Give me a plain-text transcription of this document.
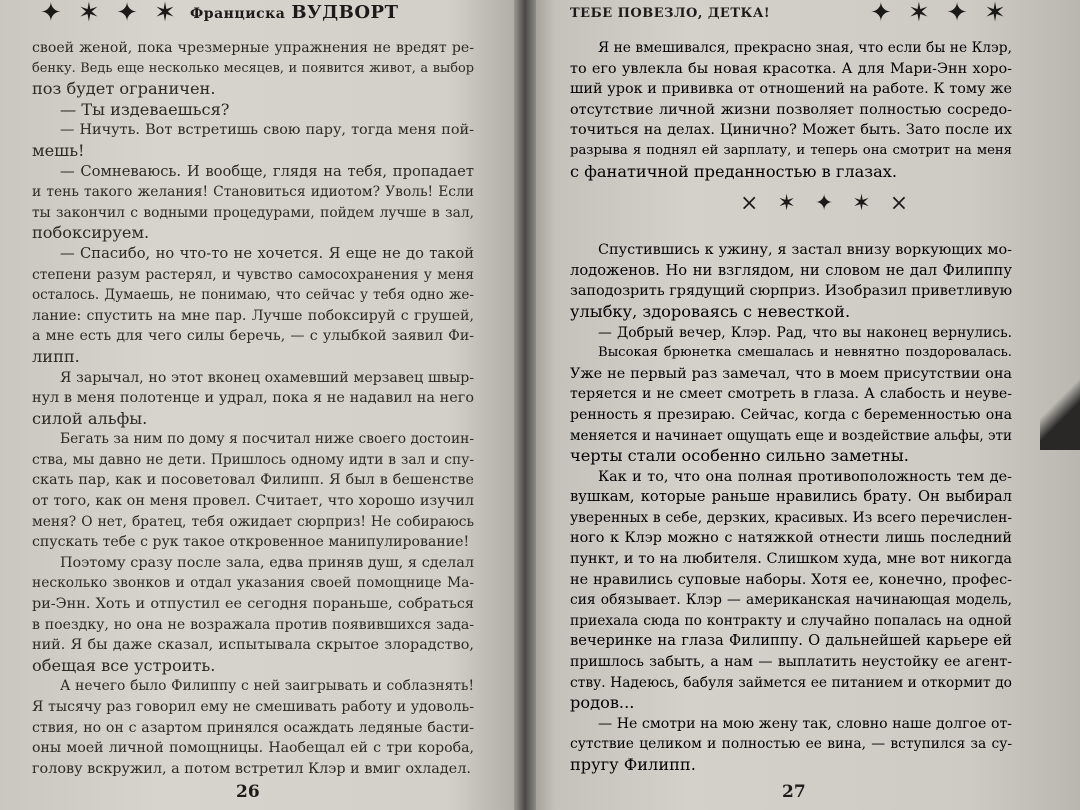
✦ ✶ ✦ ✶ Франциска ВУДВОРТ
своей женой, пока чрезмерные упражнения не вредят ре-
бенку. Ведь еще несколько месяцев, и появится живот, а выбор
поз будет ограничен.
— Ты издеваешься?
— Ничуть. Вот встретишь свою пару, тогда меня пой-
мешь!
— Сомневаюсь. И вообще, глядя на тебя, пропадает
и тень такого желания! Становиться идиотом? Уволь! Если
ты закончил с водными процедурами, пойдем лучше в зал,
побоксируем.
— Спасибо, но что-то не хочется. Я еще не до такой
степени разум растерял, и чувство самосохранения у меня
осталось. Думаешь, не понимаю, что сейчас у тебя одно же-
лание: спустить на мне пар. Лучше побоксируй с грушей,
а мне есть для чего силы беречь, — с улыбкой заявил Фи-
липп.
Я зарычал, но этот вконец охамевший мерзавец швыр-
нул в меня полотенце и удрал, пока я не надавил на него
силой альфы.
Бегать за ним по дому я посчитал ниже своего достоин-
ства, мы давно не дети. Пришлось одному идти в зал и спу-
скать пар, как и посоветовал Филипп. Я был в бешенстве
от того, как он меня провел. Считает, что хорошо изучил
меня? О нет, братец, тебя ожидает сюрприз! Не собираюсь
спускать тебе с рук такое откровенное манипулирование!
Поэтому сразу после зала, едва приняв душ, я сделал
несколько звонков и отдал указания своей помощнице Ма-
ри-Энн. Хоть и отпустил ее сегодня пораньше, собраться
в поездку, но она не возражала против появившихся зада-
ний. Я бы даже сказал, испытывала скрытое злорадство,
обещая все устроить.
А нечего было Филиппу с ней заигрывать и соблазнять!
Я тысячу раз говорил ему не смешивать работу и удоволь-
ствия, но он с азартом принялся осаждать ледяные басти-
оны моей личной помощницы. Наобещал ей с три короба,
голову вскружил, а потом встретил Клэр и вмиг охладел.
26
ТЕБЕ ПОВЕЗЛО, ДЕТКА!	✦ ✶ ✦ ✶
Я не вмешивался, прекрасно зная, что если бы не Клэр,
то его увлекла бы новая красотка. А для Мари-Энн хоро-
ший урок и прививка от отношений на работе. К тому же
отсутствие личной жизни позволяет полностью сосредо-
точиться на делах. Цинично? Может быть. Зато после их
разрыва я поднял ей зарплату, и теперь она смотрит на меня
с фанатичной преданностью в глазах.
× ✶ ✦ ✶ ×
Спустившись к ужину, я застал внизу воркующих мо-
лодоженов. Но ни взглядом, ни словом не дал Филиппу
заподозрить грядущий сюрприз. Изобразил приветливую
улыбку, здороваясь с невесткой.
— Добрый вечер, Клэр. Рад, что вы наконец вернулись.
Высокая брюнетка смешалась и невнятно поздоровалась.
Уже не первый раз замечал, что в моем присутствии она
теряется и не смеет смотреть в глаза. А слабость и неуве-
ренность я презираю. Сейчас, когда с беременностью она
меняется и начинает ощущать еще и воздействие альфы, эти
черты стали особенно сильно заметны.
Как и то, что она полная противоположность тем де-
вушкам, которые раньше нравились брату. Он выбирал
уверенных в себе, дерзких, красивых. Из всего перечислен-
ного к Клэр можно с натяжкой отнести лишь последний
пункт, и то на любителя. Слишком худа, мне вот никогда
не нравились суповые наборы. Хотя ее, конечно, профес-
сия обязывает. Клэр — американская начинающая модель,
приехала сюда по контракту и случайно попалась на одной
вечеринке на глаза Филиппу. О дальнейшей карьере ей
пришлось забыть, а нам — выплатить неустойку ее агент-
ству. Надеюсь, бабуля займется ее питанием и откормит до
родов...
— Не смотри на мою жену так, словно наше долгое от-
сутствие целиком и полностью ее вина, — вступился за су-
пругу Филипп.
27
